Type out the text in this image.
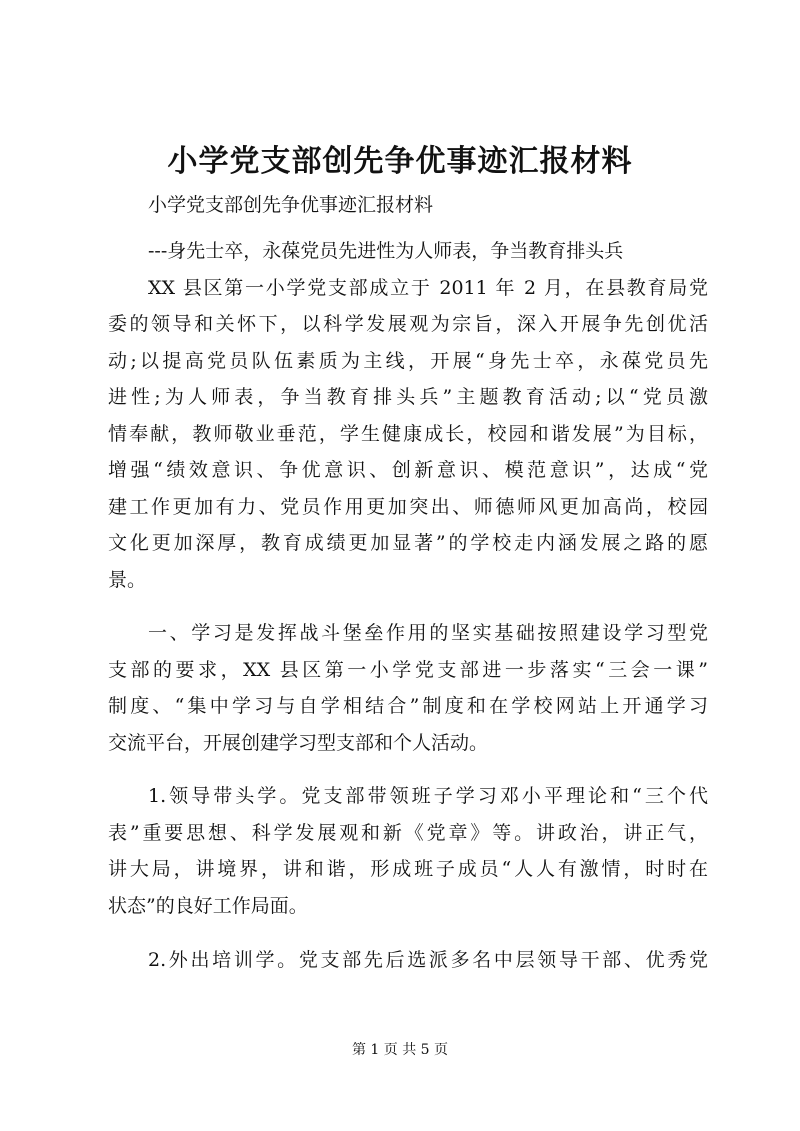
小学党支部创先争优事迹汇报材料
小学党支部创先争优事迹汇报材料
---身先士卒，永葆党员先进性为人师表，争当教育排头兵
XX 县区第一小学党支部成立于 2011 年 2 月，在县教育局党
委的领导和关怀下，以科学发展观为宗旨，深入开展争先创优活
动;以提高党员队伍素质为主线，开展“身先士卒，永葆党员先
进性;为人师表，争当教育排头兵”主题教育活动;以“党员激
情奉献，教师敬业垂范，学生健康成长，校园和谐发展”为目标，
增强“绩效意识、争优意识、创新意识、模范意识”，达成“党
建工作更加有力、党员作用更加突出、师德师风更加高尚，校园
文化更加深厚，教育成绩更加显著”的学校走内涵发展之路的愿
景。
一、学习是发挥战斗堡垒作用的坚实基础按照建设学习型党
支部的要求，XX 县区第一小学党支部进一步落实“三会一课”
制度、“集中学习与自学相结合”制度和在学校网站上开通学习
交流平台，开展创建学习型支部和个人活动。
1.领导带头学。党支部带领班子学习邓小平理论和“三个代
表”重要思想、科学发展观和新《党章》等。讲政治，讲正气，
讲大局，讲境界，讲和谐，形成班子成员“人人有激情，时时在
状态”的良好工作局面。
2.外出培训学。党支部先后选派多名中层领导干部、优秀党
第 1 页 共 5 页
